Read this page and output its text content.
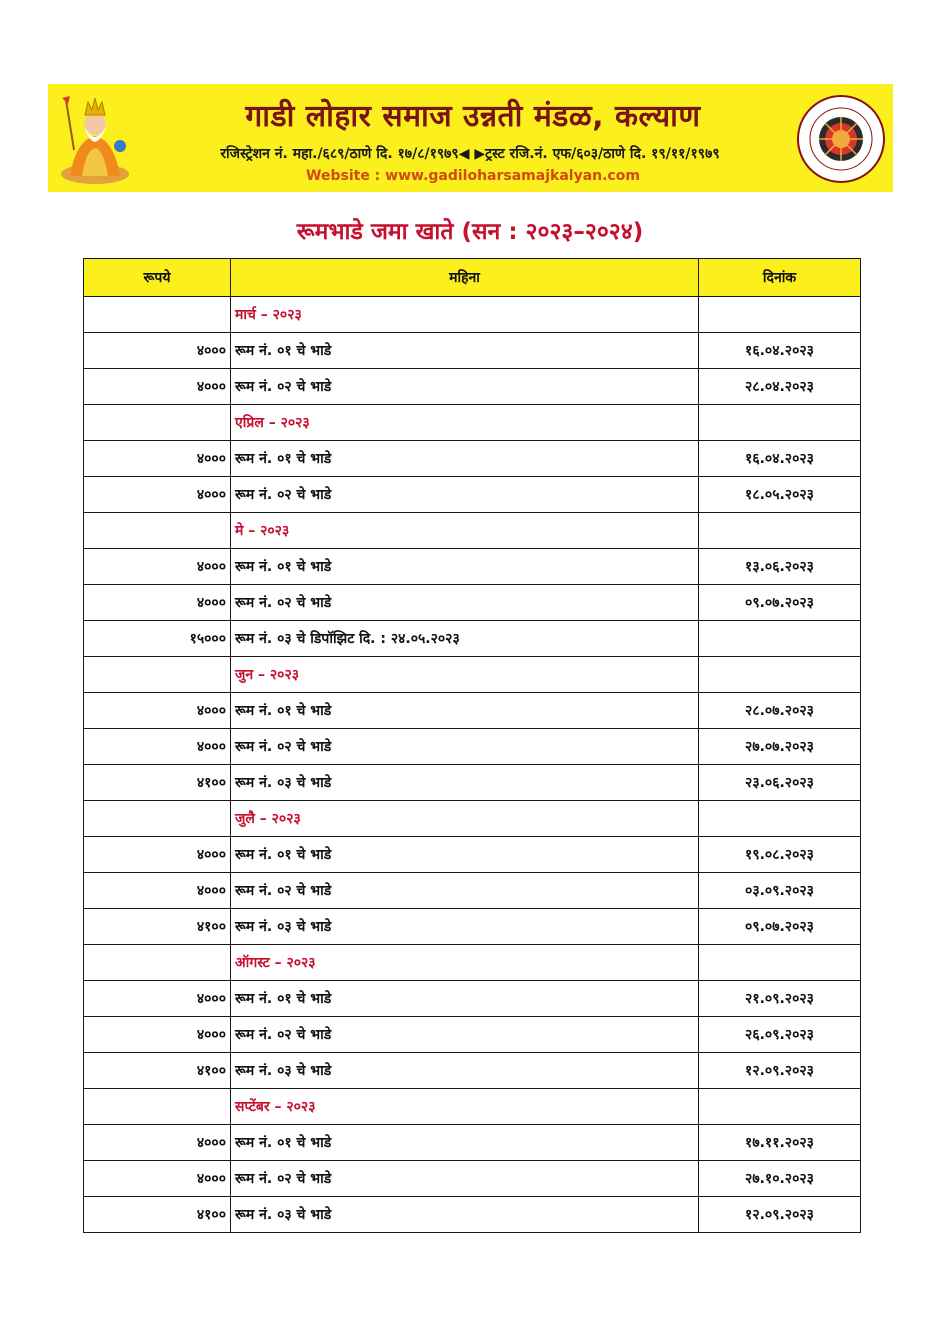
गाडी लोहार समाज उन्नती मंडळ, कल्याण
रजिस्ट्रेशन नं. महा./६८९/ठाणे दि. १७/८/१९७९◀ ▶ट्रस्ट रजि.नं. एफ/६०३/ठाणे दि. १९/११/१९७९
Website : www.gadiloharsamajkalyan.com
रूमभाडे जमा खाते (सन : २०२३–२०२४)
रूपये	महिना	दिनांक
	मार्च – २०२३	
४०००	रूम नं. ०१ चे भाडे	१६.०४.२०२३
४०००	रूम नं. ०२ चे भाडे	२८.०४.२०२३
	एप्रिल – २०२३	
४०००	रूम नं. ०१ चे भाडे	१६.०४.२०२३
४०००	रूम नं. ०२ चे भाडे	१८.०५.२०२३
	मे – २०२३	
४०००	रूम नं. ०१ चे भाडे	१३.०६.२०२३
४०००	रूम नं. ०२ चे भाडे	०९.०७.२०२३
१५०००	रूम नं. ०३ चे डिपॉझिट दि. : २४.०५.२०२३	
	जुन – २०२३	
४०००	रूम नं. ०१ चे भाडे	२८.०७.२०२३
४०००	रूम नं. ०२ चे भाडे	२७.०७.२०२३
४१००	रूम नं. ०३ चे भाडे	२३.०६.२०२३
	जुलै – २०२३	
४०००	रूम नं. ०१ चे भाडे	१९.०८.२०२३
४०००	रूम नं. ०२ चे भाडे	०३.०९.२०२३
४१००	रूम नं. ०३ चे भाडे	०९.०७.२०२३
	ऑगस्ट – २०२३	
४०००	रूम नं. ०१ चे भाडे	२१.०९.२०२३
४०००	रूम नं. ०२ चे भाडे	२६.०९.२०२३
४१००	रूम नं. ०३ चे भाडे	१२.०९.२०२३
	सप्टेंबर – २०२३	
४०००	रूम नं. ०१ चे भाडे	१७.११.२०२३
४०००	रूम नं. ०२ चे भाडे	२७.१०.२०२३
४१००	रूम नं. ०३ चे भाडे	१२.०९.२०२३
